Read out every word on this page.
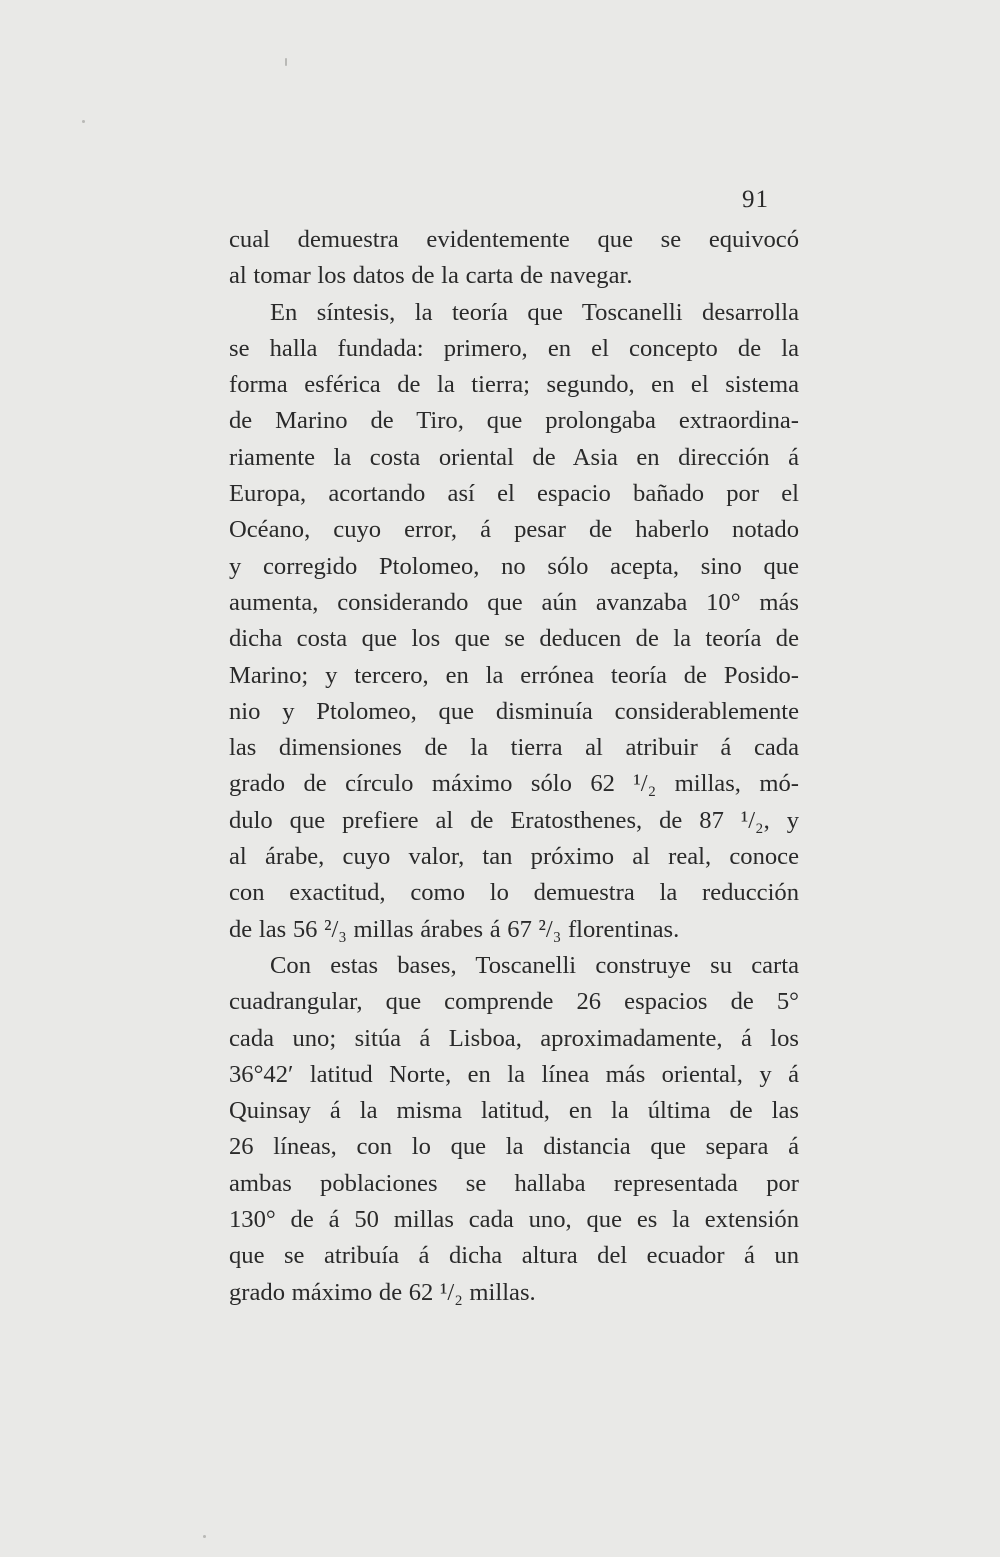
91
cual demuestra evidentemente que se equivocó
al tomar los datos de la carta de navegar.
En síntesis, la teoría que Toscanelli desarrolla
se halla fundada: primero, en el concepto de la
forma esférica de la tierra; segundo, en el sistema
de Marino de Tiro, que prolongaba extraordina-
riamente la costa oriental de Asia en dirección á
Europa, acortando así el espacio bañado por el
Océano, cuyo error, á pesar de haberlo notado
y corregido Ptolomeo, no sólo acepta, sino que
aumenta, considerando que aún avanzaba 10° más
dicha costa que los que se deducen de la teoría de
Marino; y tercero, en la errónea teoría de Posido-
nio y Ptolomeo, que disminuía considerablemente
las dimensiones de la tierra al atribuir á cada
grado de círculo máximo sólo 62 ¹/₂ millas, mó-
dulo que prefiere al de Eratosthenes, de 87 ¹/₂, y
al árabe, cuyo valor, tan próximo al real, conoce
con exactitud, como lo demuestra la reducción
de las 56 ²/₃ millas árabes á 67 ²/₃ florentinas.
Con estas bases, Toscanelli construye su carta
cuadrangular, que comprende 26 espacios de 5°
cada uno; sitúa á Lisboa, aproximadamente, á los
36°42′ latitud Norte, en la línea más oriental, y á
Quinsay á la misma latitud, en la última de las
26 líneas, con lo que la distancia que separa á
ambas poblaciones se hallaba representada por
130° de á 50 millas cada uno, que es la extensión
que se atribuía á dicha altura del ecuador á un
grado máximo de 62 ¹/₂ millas.
